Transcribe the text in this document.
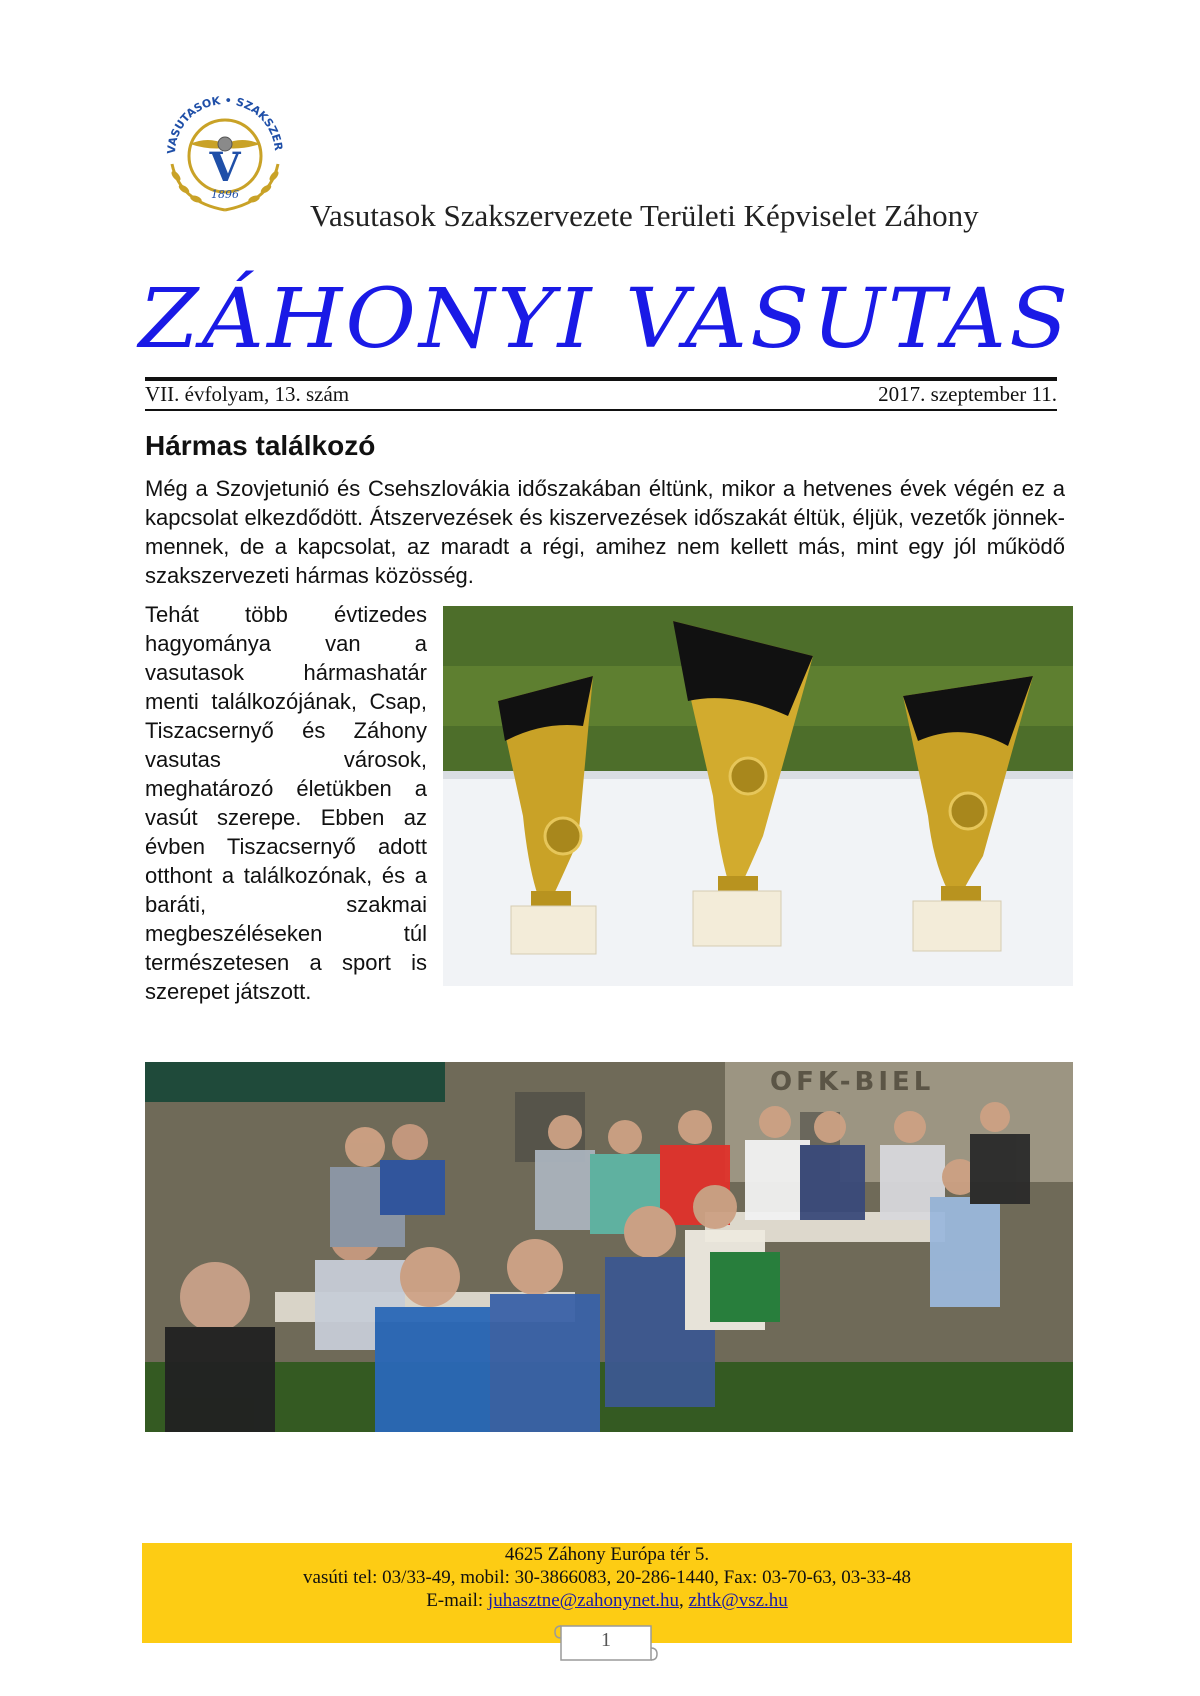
VASUTASOK • SZAKSZER
V
1896
Vasutasok Szakszervezete Területi Képviselet Záhony
ZÁHONYI VASUTAS
VII. évfolyam, 13. szám	2017. szeptember 11.
Hármas találkozó
Még a Szovjetunió és Csehszlovákia időszakában éltünk, mikor a hetvenes évek végén ez a kapcsolat elkezdődött. Átszervezések és kiszervezések időszakát éltük, éljük, vezetők jönnek-mennek, de a kapcsolat, az maradt a régi, amihez nem kellett más, mint egy jól működő szakszervezeti hármas közösség.
Tehát több évtizedes hagyománya van a vasutasok hármashatár menti találkozójának, Csap, Tiszacsernyő és Záhony vasutas városok, meghatározó életükben a vasút szerepe. Ebben az évben Tiszacsernyő adott otthont a találkozónak, és a baráti, szakmai megbeszéléseken túl természetesen a sport is szerepet játszott.
OFK-BIEL
4625 Záhony Európa tér 5.
vasúti tel: 03/33-49, mobil: 30-3866083, 20-286-1440, Fax: 03-70-63, 03-33-48
E-mail: juhasztne@zahonynet.hu, zhtk@vsz.hu
1
